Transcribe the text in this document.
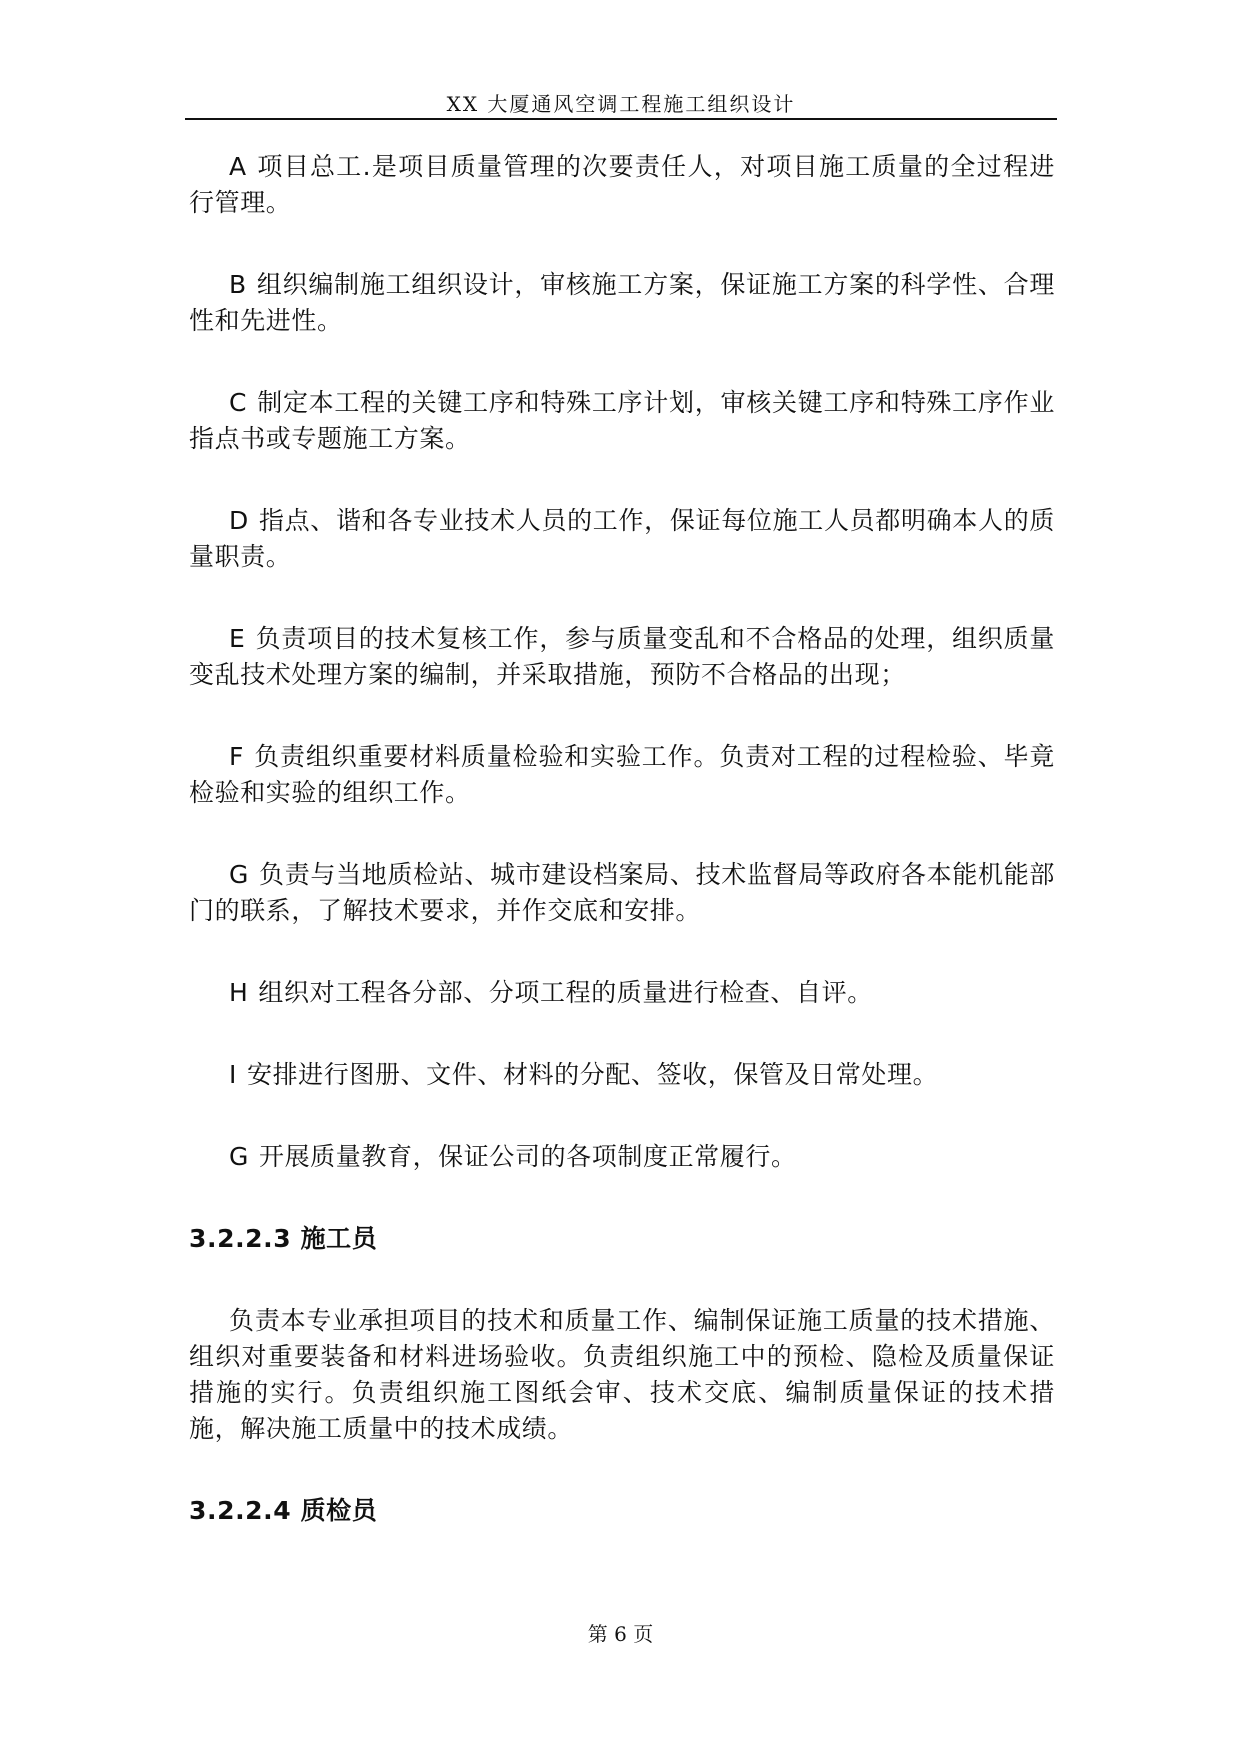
XX 大厦通风空调工程施工组织设计

A 项目总工.是项目质量管理的次要责任人，对项目施工质量的全过程进行管理。

B 组织编制施工组织设计，审核施工方案，保证施工方案的科学性、合理性和先进性。

C 制定本工程的关键工序和特殊工序计划，审核关键工序和特殊工序作业指点书或专题施工方案。

D 指点、谐和各专业技术人员的工作，保证每位施工人员都明确本人的质量职责。

E 负责项目的技术复核工作，参与质量变乱和不合格品的处理，组织质量变乱技术处理方案的编制，并采取措施，预防不合格品的出现；

F 负责组织重要材料质量检验和实验工作。负责对工程的过程检验、毕竟检验和实验的组织工作。

G 负责与当地质检站、城市建设档案局、技术监督局等政府各本能机能部门的联系，了解技术要求，并作交底和安排。

H 组织对工程各分部、分项工程的质量进行检查、自评。

I 安排进行图册、文件、材料的分配、签收，保管及日常处理。

G 开展质量教育，保证公司的各项制度正常履行。

3.2.2.3 施工员

负责本专业承担项目的技术和质量工作、编制保证施工质量的技术措施、组织对重要装备和材料进场验收。负责组织施工中的预检、隐检及质量保证措施的实行。负责组织施工图纸会审、技术交底、编制质量保证的技术措施，解决施工质量中的技术成绩。

3.2.2.4 质检员
第 6 页
